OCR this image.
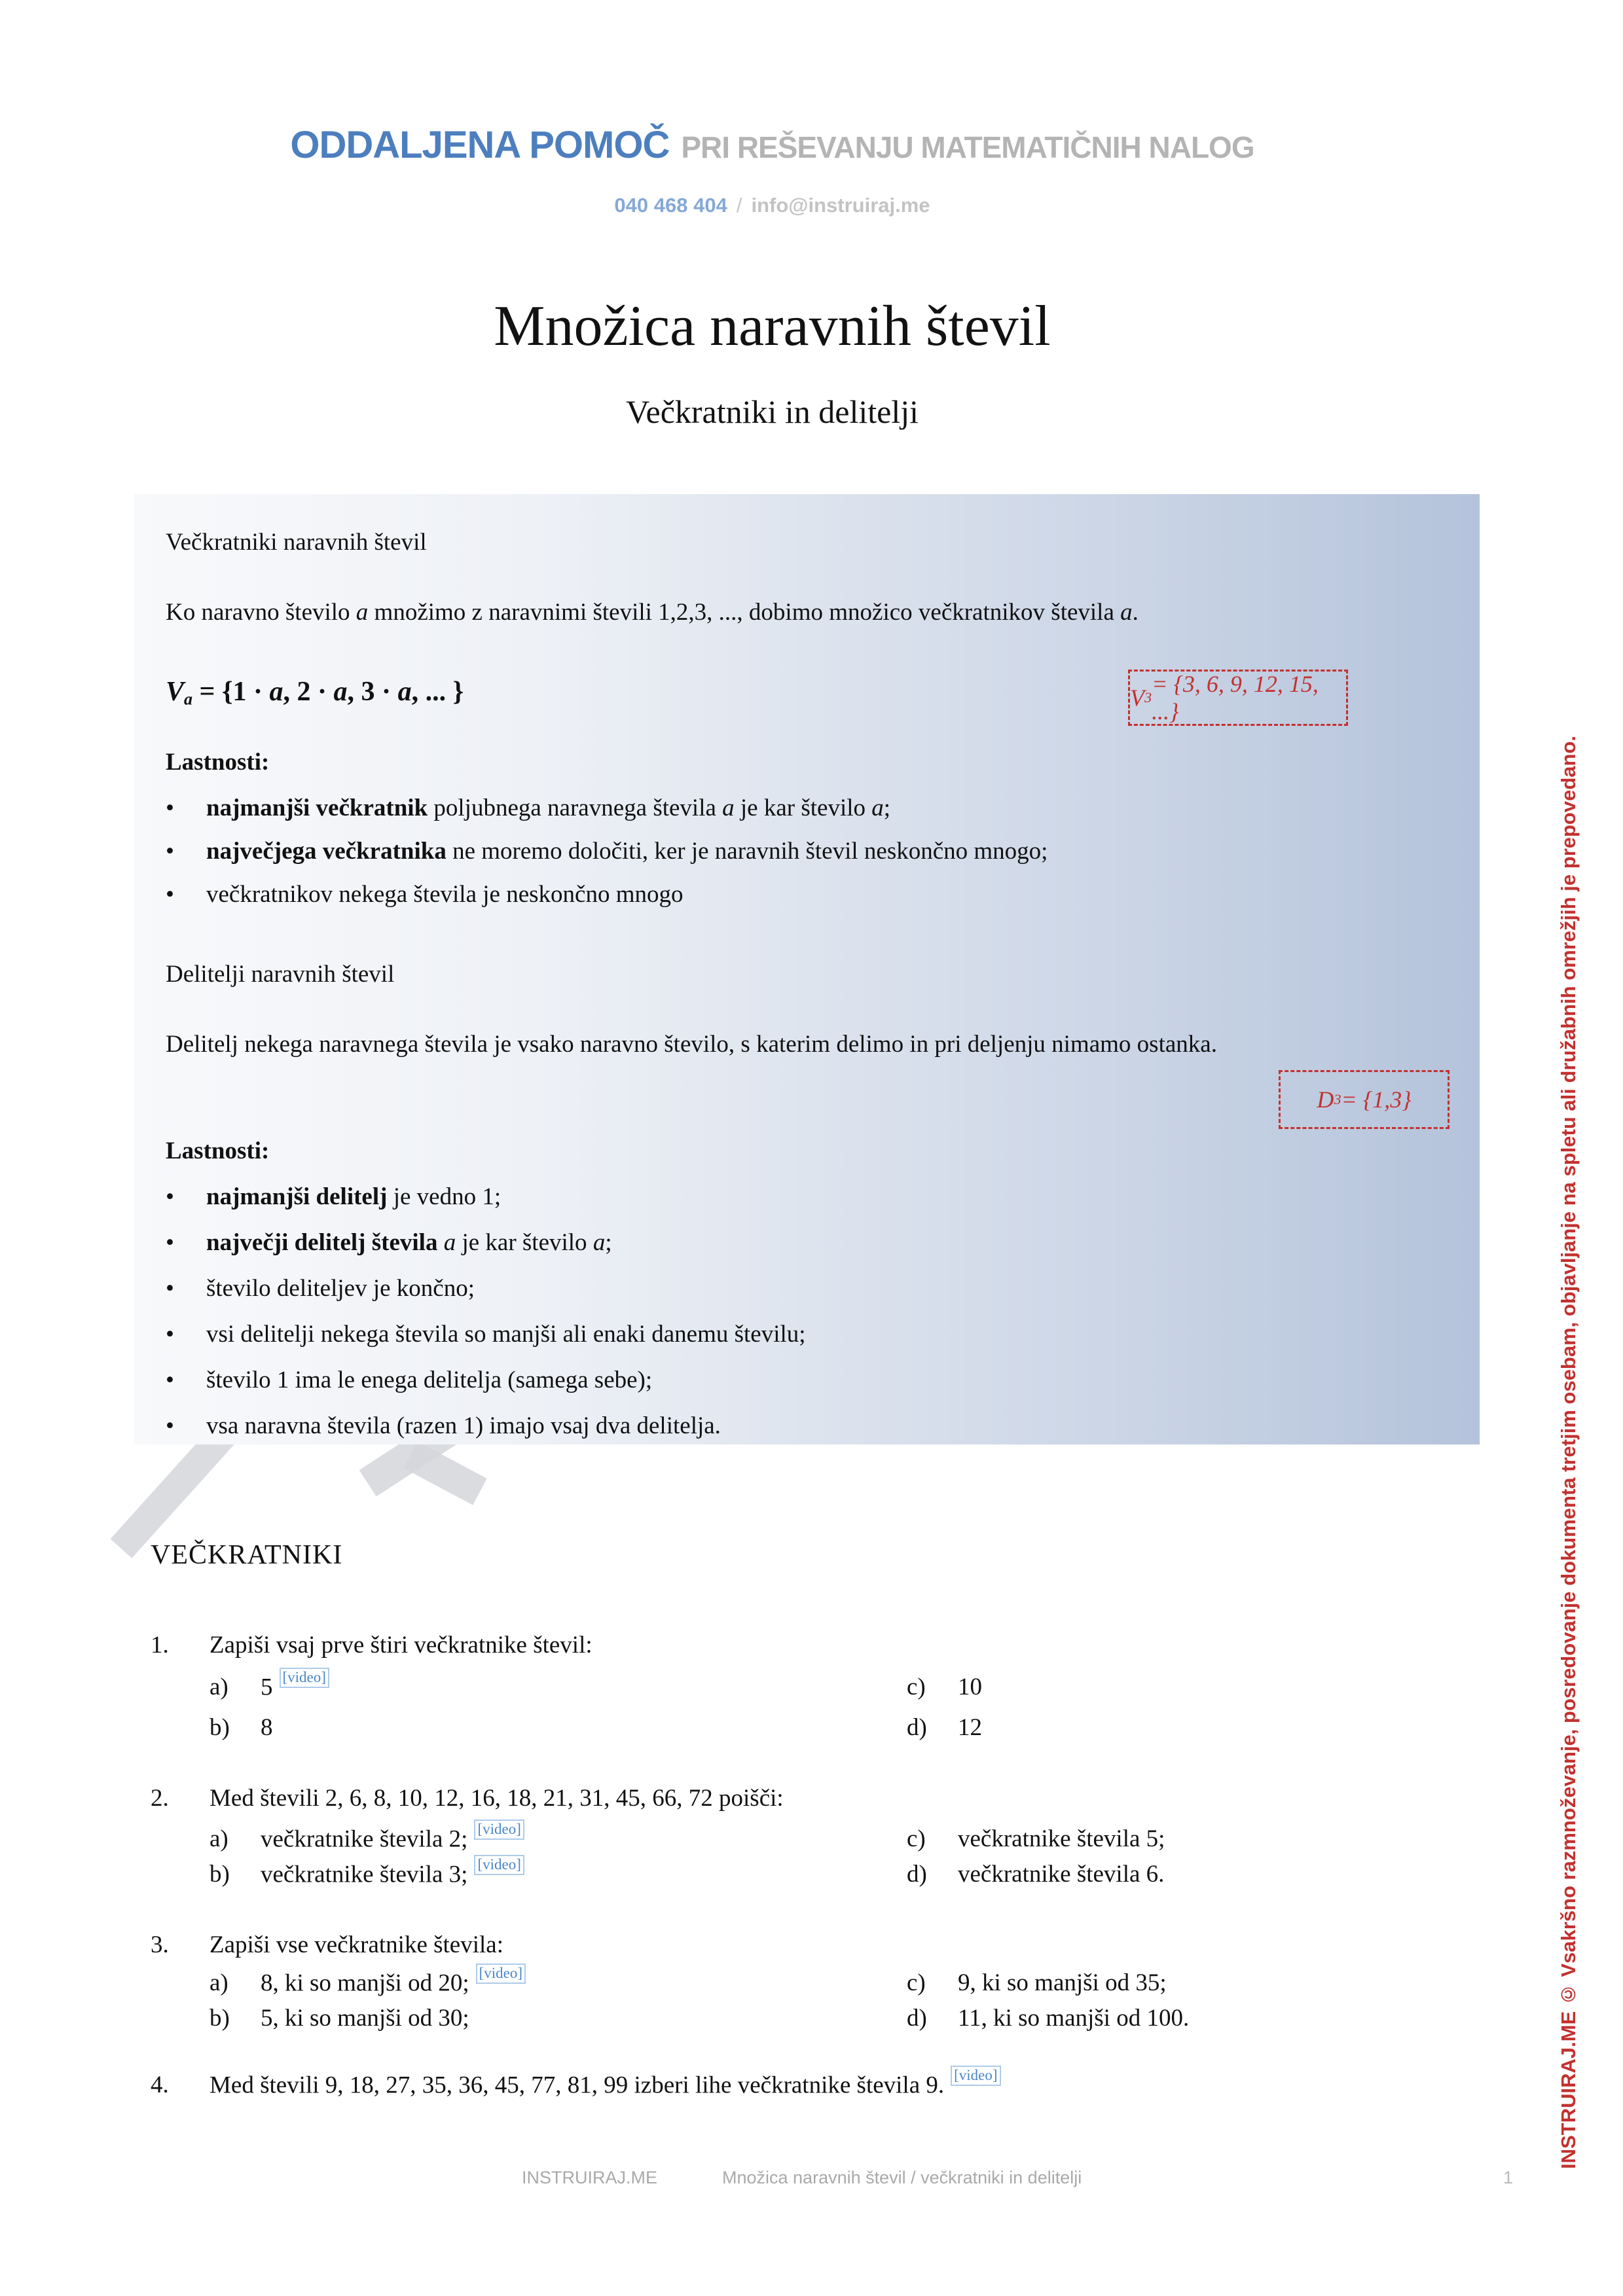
ODDALJENA POMOČ PRI REŠEVANJU MATEMATIČNIH NALOG
040 468 404 / info@instruiraj.me
Množica naravnih števil
Večkratniki in delitelji
Večkratniki naravnih števil
Ko naravno število a množimo z naravnimi števili 1,2,3, ..., dobimo množico večkratnikov števila a.
$V_a = \{1 \cdot a$, 2 · a, 3 · a, ... }	V 3
= {3, 6, 9, 12, 15, ...}
Lastnosti:
• najmanjši večkratnik poljubnega naravnega števila a je kar število a;
• največjega večkratnika ne moremo določiti, ker je naravnih števil neskončno mnogo;
• večkratnikov nekega števila je neskončno mnogo
Delitelji naravnih števil
Delitelj nekega naravnega števila je vsako naravno število, s katerim delimo in pri deljenju nimamo ostanka.
D 3 = {1,3}
Lastnosti:
• najmanjši delitelj je vedno 1;
• največji delitelj števila a je kar število a;
• število deliteljev je končno;
• vsi delitelji nekega števila so manjši ali enaki danemu številu;
• število 1 ima le enega delitelja (samega sebe);
• vsa naravna števila (razen 1) imajo vsaj dva delitelja.
VEČKRATNIKI
1. Zapiši vsaj prve štiri večkratnike števil:
a) 5 [video]
b) 8
c) 10
d) 12
2. Med števili 2, 6, 8, 10, 12, 16, 18, 21, 31, 45, 66, 72 poišči:
a) večkratnike števila 2; [video]
b) večkratnike števila 3; [video]
c) večkratnike števila 5;
d) večkratnike števila 6.
3. Zapiši vse večkratnike števila:
a) 8, ki so manjši od 20; [video]
b) 5, ki so manjši od 30;
c) 9, ki so manjši od 35;
d) 11, ki so manjši od 100.
4. Med števili 9, 18, 27, 35, 36, 45, 77, 81, 99 izberi lihe večkratnike števila 9. [video]
INSTRUIRAJ.ME	Množica naravnih števil / večkratniki in delitelji	1
INSTRUIRAJ.ME © Vsakršno razmnoževanje, posredovanje dokumenta tretjim osebam, objavljanje na spletu ali družabnih omrežjih je prepovedano.
